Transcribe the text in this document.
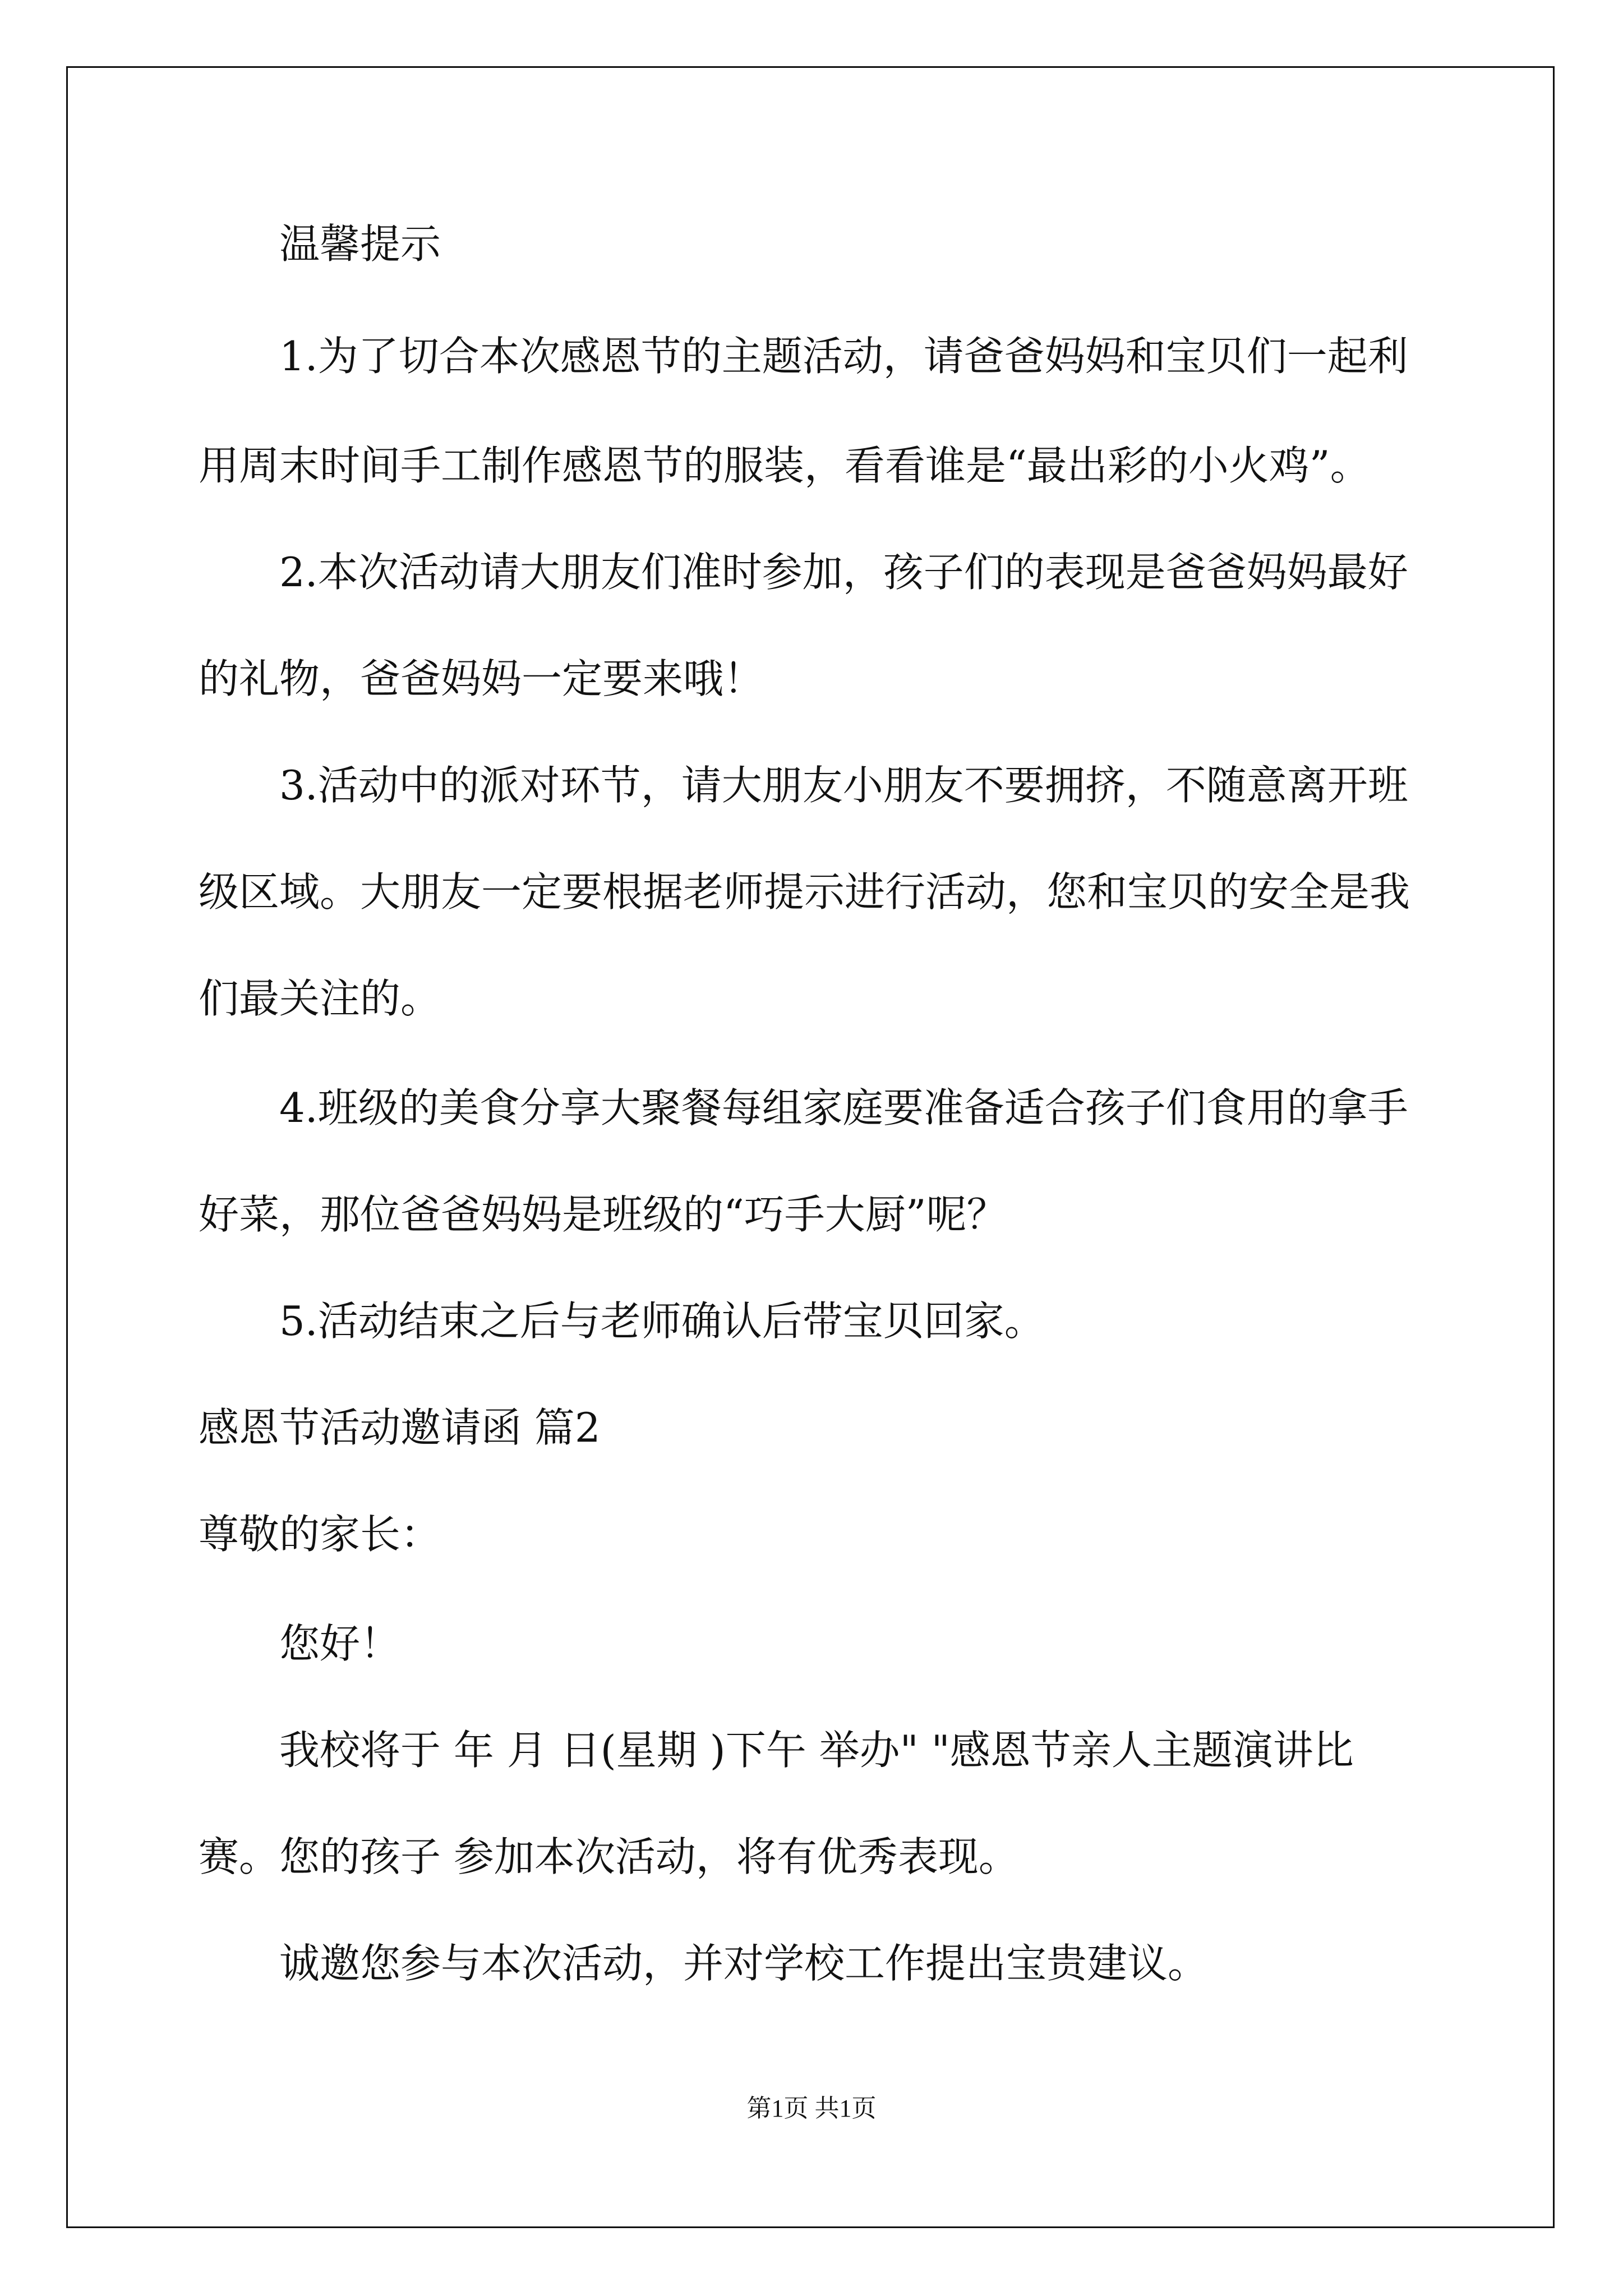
温馨提示
1.为了切合本次感恩节的主题活动，请爸爸妈妈和宝贝们一起利
用周末时间手工制作感恩节的服装，看看谁是“最出彩的小火鸡”。
2.本次活动请大朋友们准时参加，孩子们的表现是爸爸妈妈最好
的礼物，爸爸妈妈一定要来哦！
3.活动中的派对环节，请大朋友小朋友不要拥挤，不随意离开班
级区域。大朋友一定要根据老师提示进行活动，您和宝贝的安全是我
们最关注的。
4.班级的美食分享大聚餐每组家庭要准备适合孩子们食用的拿手
好菜，那位爸爸妈妈是班级的“巧手大厨”呢？
5.活动结束之后与老师确认后带宝贝回家。
感恩节活动邀请函 篇2
尊敬的家长：
您好！
我校将于 年 月 日(星期 )下午 举办" "感恩节亲人主题演讲比
赛。您的孩子 参加本次活动，将有优秀表现。
诚邀您参与本次活动，并对学校工作提出宝贵建议。
第1页 共1页
